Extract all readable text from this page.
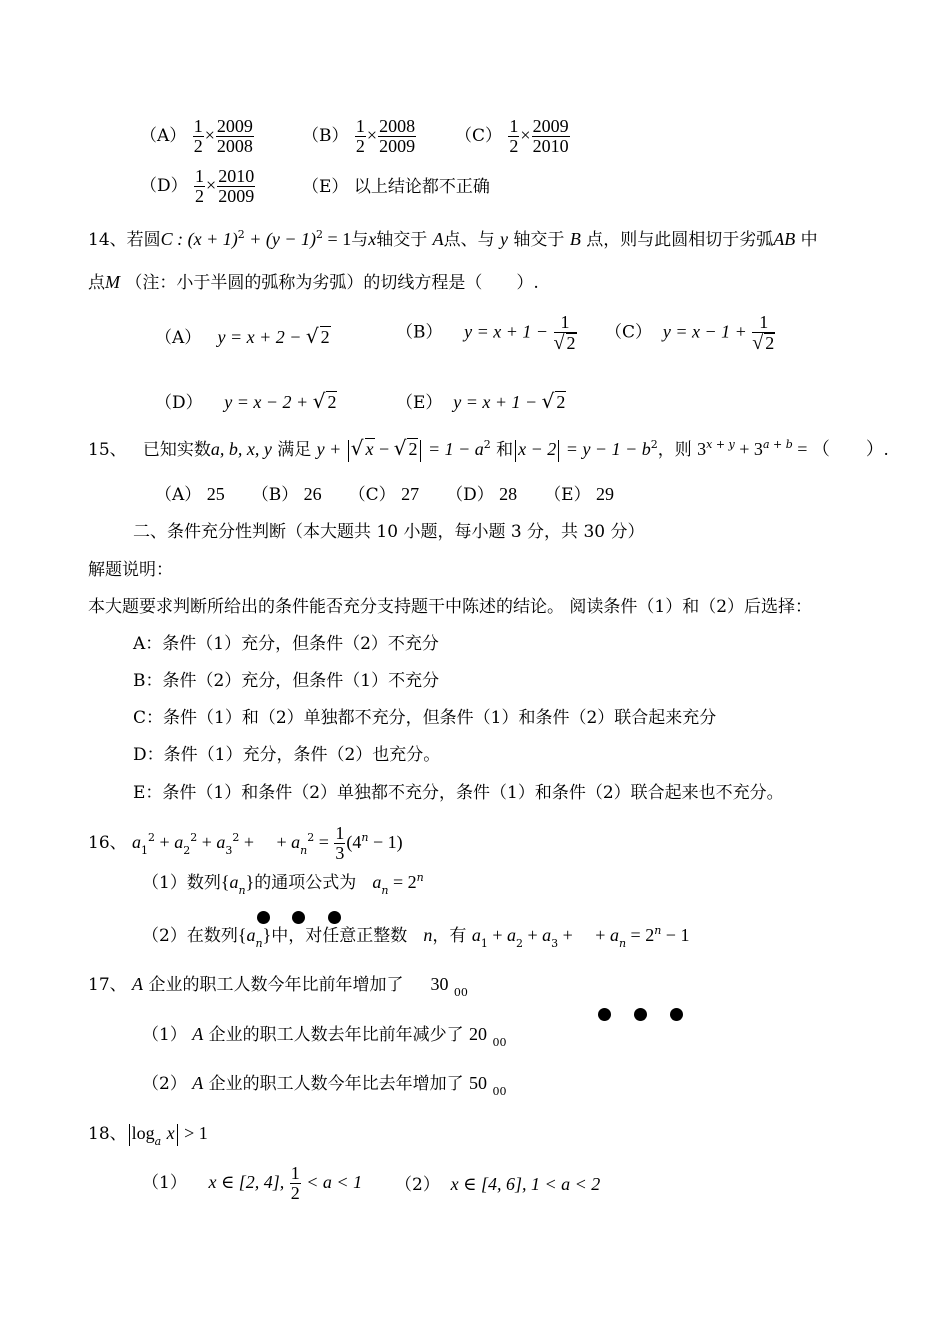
$(A) \frac{1}{2} \times \frac{2009}{2008}$	$(B) \frac{1}{2} \times \frac{2008}{2009} (C) \frac{1}{2} \times \frac{2009}{2010}$
$(D) \frac{1}{2} \times \frac{2010}{2009}$	（E） 以上结论都不正确
14、若圆C : $(x + 1)^2 + (y - 1)^2 = 1$与x轴交于 A点、与 y 轴交于 B 点，则与此圆相切于劣弧AB 中
点M （注：小于半圆的弧称为劣弧）的切线方程是（　　）.
（A） y = x + 2 − √ 2	（B） $y = x + 1 - \frac{1}{√ 2} (C) y = x - 1 + \frac{1}{√ 2}$
（D） y = x − 2 + √ 2	（E） y = x + 1 − √ 2
15、 已知实数a, b, x, y 满足 y + √ x − √ $2 = 1 - a^2$ 和 $x - 2 = y - 1 - b^2$，则 $3^{x + y} + 3^{a + b}$ = （　　）.
（A） 25 （B） 26 （C） 27 （D） 28 （E） 29
二、条件充分性判断（本大题共 10 小题，每小题 3 分，共 30 分）
解题说明：
本大题要求判断所给出的条件能否充分支持题干中陈述的结论。 阅读条件（1）和（2）后选择：
A：条件（1）充分，但条件（2）不充分
B：条件（2）充分，但条件（1）不充分
C：条件（1）和（2）单独都不充分，但条件（1）和条件（2）联合起来充分
D：条件（1）充分，条件（2）也充分。
E：条件（1）和条件（2）单独都不充分，条件（1）和条件（2）联合起来也不充分。
16、 $a_1^2 + a_2^2 + a_3^2$ +　 + $a_n^2 = \frac{1}{3} (4^n - 1)$
（1）数列$\{a_n\}$的通项公式为 $a_n = 2^n$
（2）在数列$\{a_n\}$中，对任意正整数 n，有 $a_1 + a_2 + a_3$ +　 + $a_n = 2^n - 1$
17、 A 企业的职工人数今年比前年增加了 30 $_{00}$
（1） A 企业的职工人数去年比前年减少了 20 $_{00}$
（2） A 企业的职工人数今年比去年增加了 50 $_{00}$
18、 $\log_a x > 1$
（1） x ∈ [2, 4], $\frac{1}{2} < a < 1$ （2） x ∈ [4, 6], 1 < a < 2
